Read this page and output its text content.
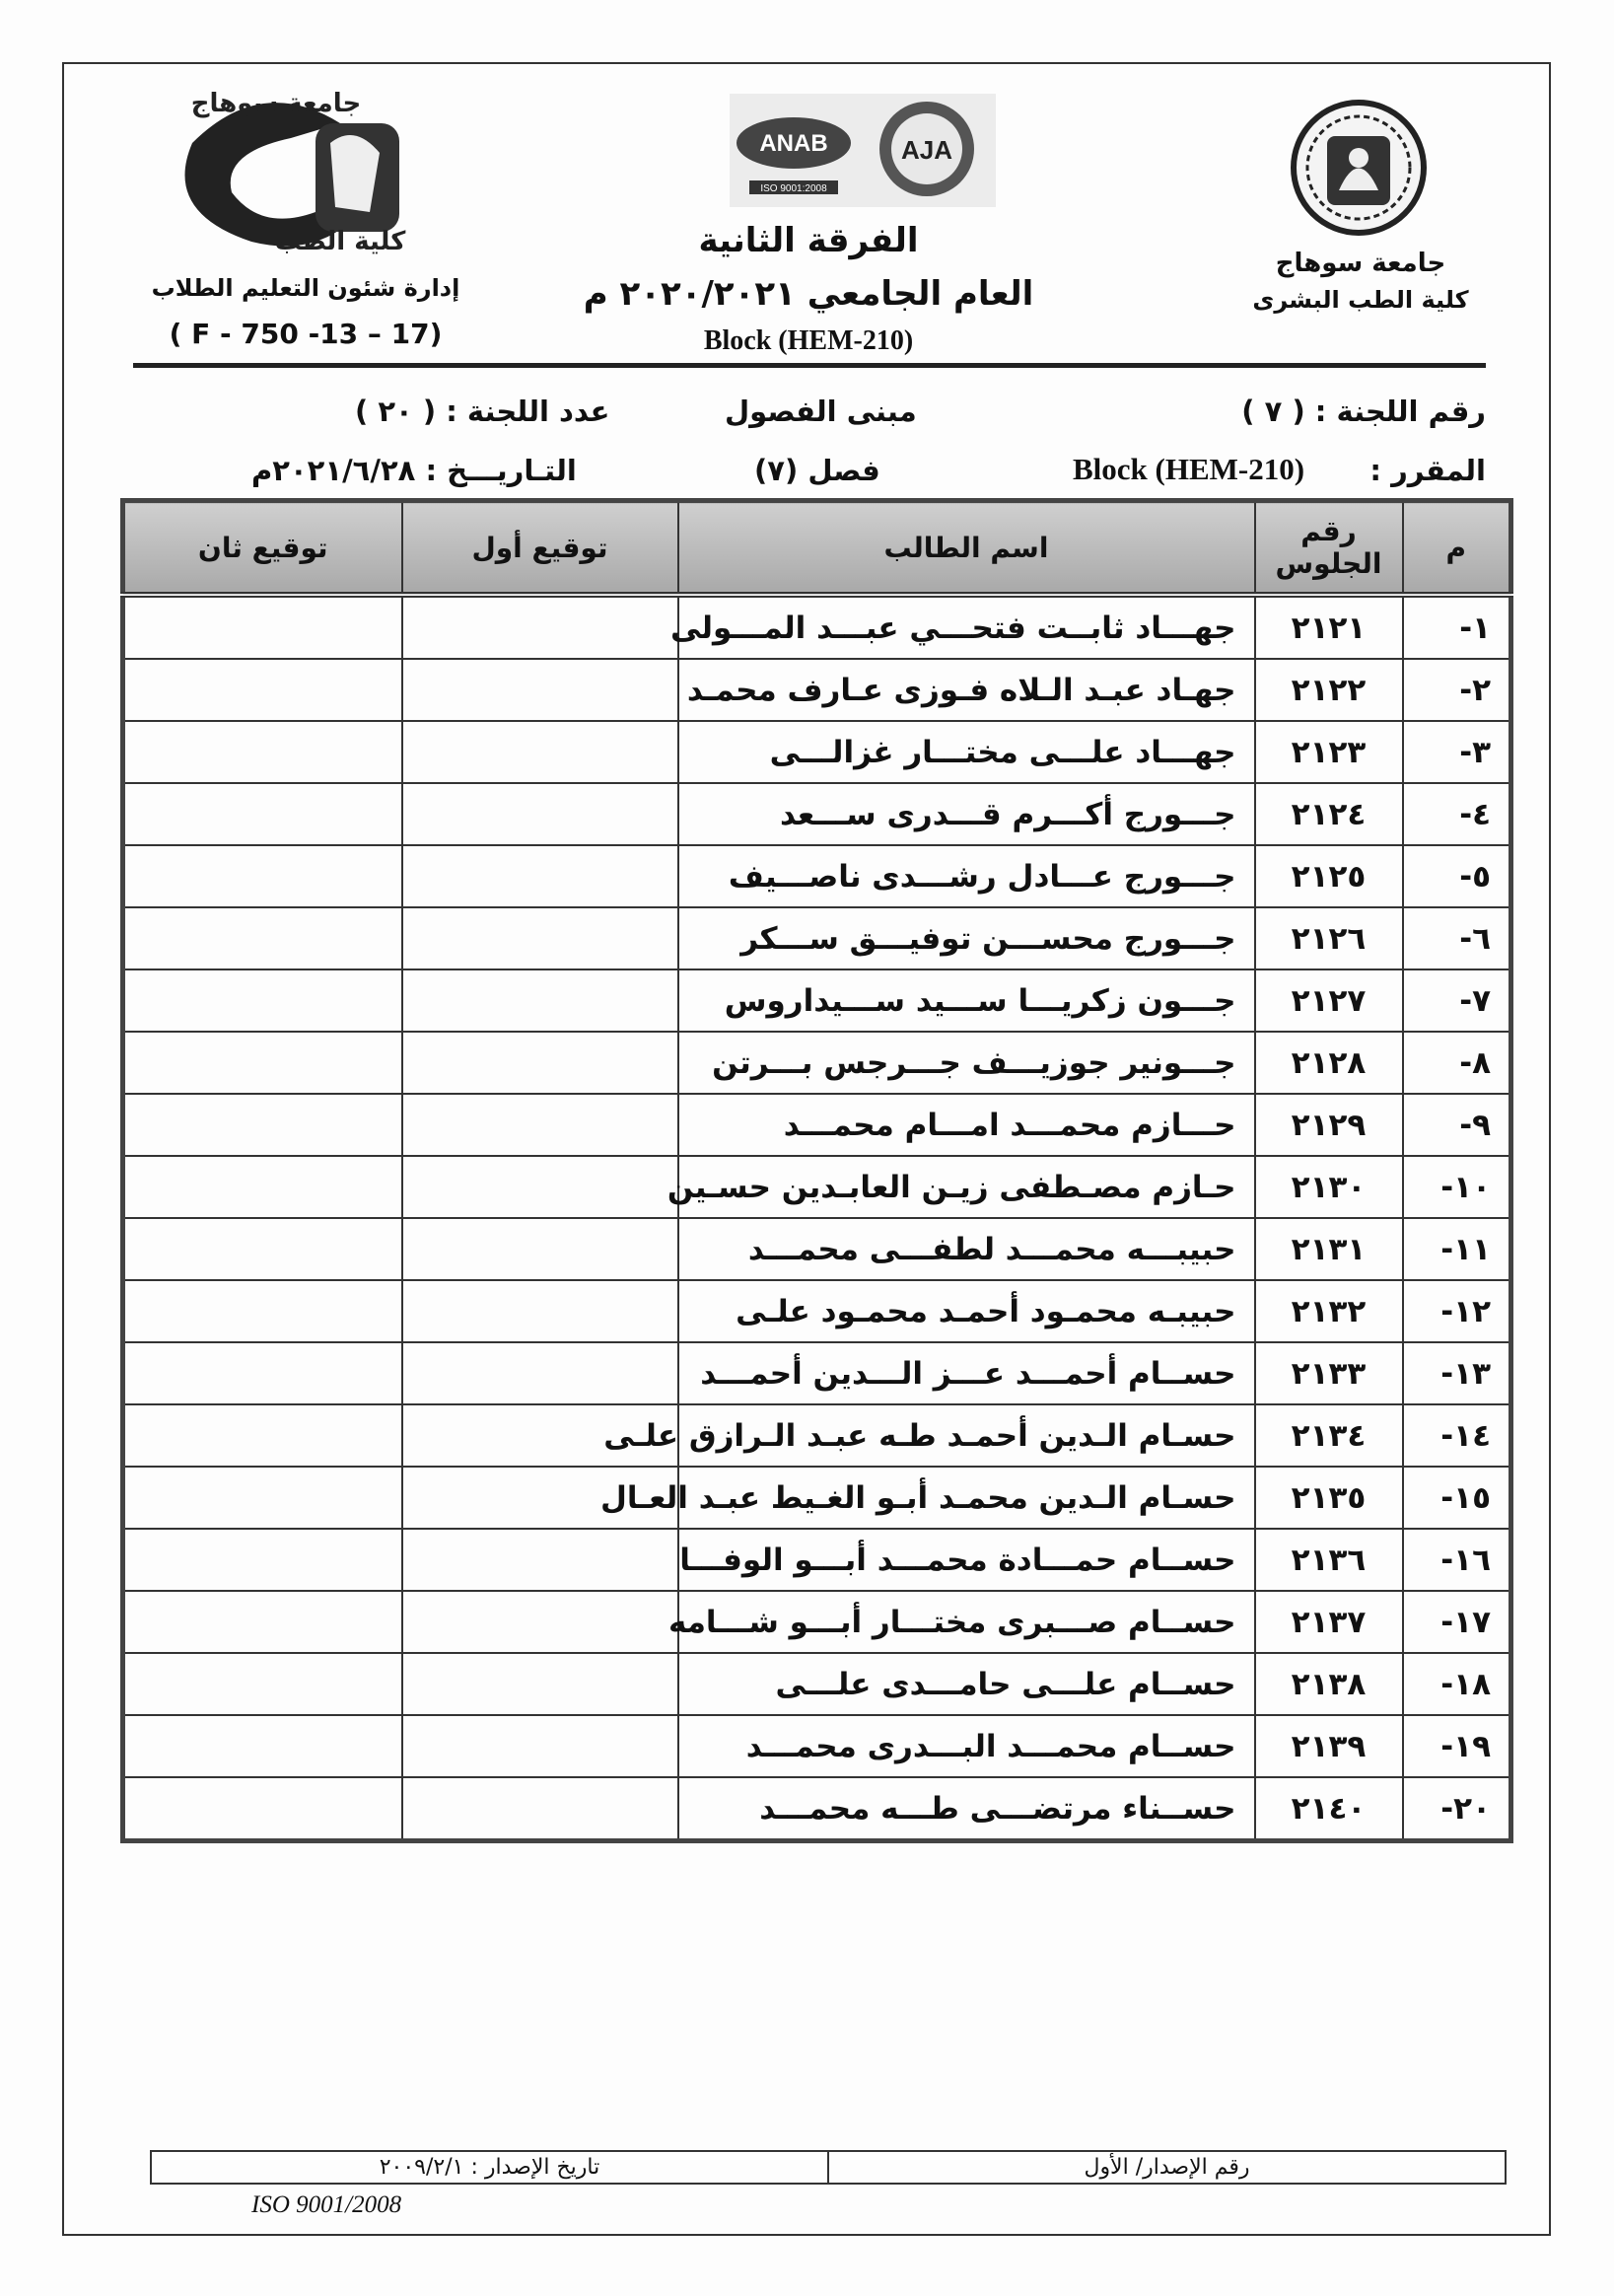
جامعة سوهاج
كلية الطب البشرى
ANAB
ISO 9001:2008
AJA
الفرقة الثانية
العام الجامعي ٢٠٢٠/٢٠٢١ م
Block (HEM-210)
جامعة سوهاج
كلية الطب
إدارة شئون التعليم الطلاب
( F - 750 -13 – 17)
رقم اللجنة : ( ٧ )
مبنى الفصول
عدد اللجنة : ( ٢٠ )
المقرر :
Block (HEM-210)
فصل (٧)
التـاريـــخ : ٢٠٢١/٦/٢٨م
م	رقم الجلوس	اسم الطالب	توقيع أول	توقيع ثان
١-	٢١٢١	جهـــاد ثابــت فتحـــي عبـــد المـــولى		
٢-	٢١٢٢	جهـاد عبـد الـلاه فـوزى عـارف محمـد		
٣-	٢١٢٣	جهـــاد علـــى مختـــار غزالـــى		
٤-	٢١٢٤	جـــورج أكـــرم قـــدرى ســـعد		
٥-	٢١٢٥	جـــورج عـــادل رشـــدى ناصـــيف		
٦-	٢١٢٦	جـــورج محســـن توفيـــق ســـكر		
٧-	٢١٢٧	جـــون زكريـــا ســـيد ســـيداروس		
٨-	٢١٢٨	جـــونير جوزيـــف جـــرجس بـــرتن		
٩-	٢١٢٩	حـــازم محمـــد امـــام محمـــد		
١٠-	٢١٣٠	حـازم مصـطفى زيـن العابـدين حسـين		
١١-	٢١٣١	حبيبـــه محمـــد لطفـــى محمـــد		
١٢-	٢١٣٢	حبيبـه محمـود أحمـد محمـود علـى		
١٣-	٢١٣٣	حســام أحمـــد عـــز الـــدين أحمـــد		
١٤-	٢١٣٤	حسـام الـدين أحمـد طـه عبـد الـرازق علـى		
١٥-	٢١٣٥	حسـام الـدين محمـد أبـو الغـيط عبـد العـال		
١٦-	٢١٣٦	حســام حمـــادة محمـــد أبـــو الوفـــا		
١٧-	٢١٣٧	حســام صـــبرى مختـــار أبـــو شـــامه		
١٨-	٢١٣٨	حســام علـــى حامـــدى علـــى		
١٩-	٢١٣٩	حســام محمـــد البـــدرى محمـــد		
٢٠-	٢١٤٠	حســناء مرتضـــى طـــه محمـــد		
رقم الإصدار/ الأول
تاريخ الإصدار : ٢٠٠٩/٢/١
ISO 9001/2008
